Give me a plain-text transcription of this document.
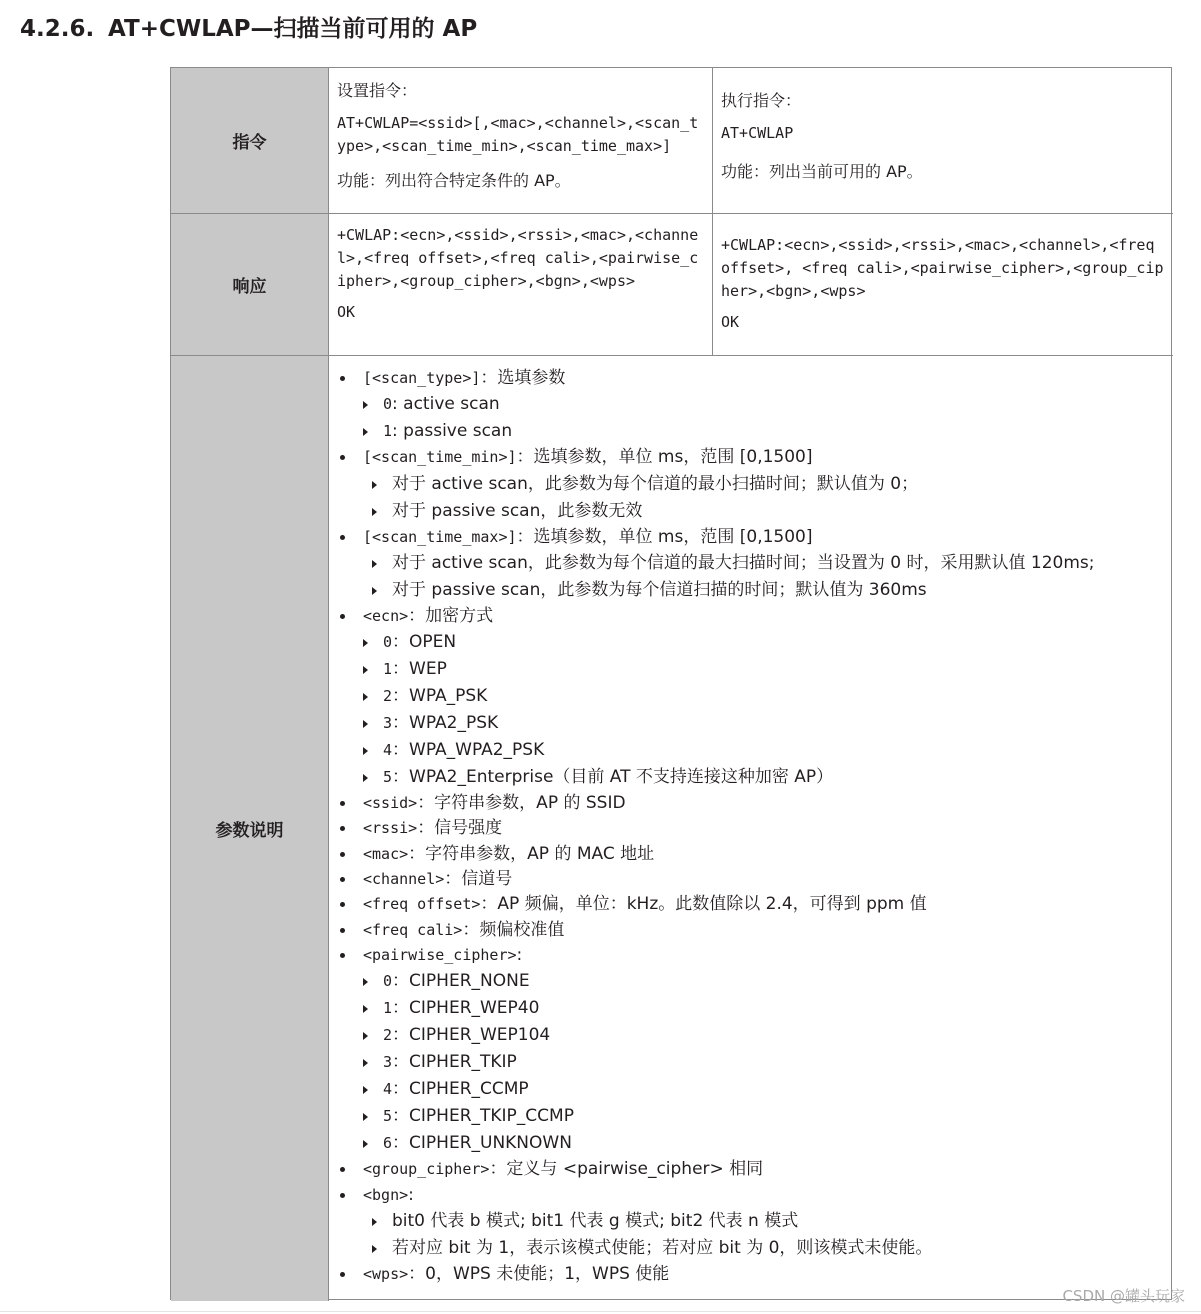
4.2.6. AT+CWLAP—扫描当前可用的 AP
指令
设置指令：
AT+CWLAP=<ssid>[,<mac>,<channel>,<scan_type>,<scan_time_min>,<scan_time_max>]
功能：列出符合特定条件的 AP。
执行指令：
AT+CWLAP
功能：列出当前可用的 AP。
响应
+CWLAP:<ecn>,<ssid>,<rssi>,<mac>,<channel>,<freq offset>,<freq cali>,<pairwise_cipher>,<group_cipher>,<bgn>,<wps>
OK
+CWLAP:<ecn>,<ssid>,<rssi>,<mac>,<channel>,<freq offset>, <freq cali>,<pairwise_cipher>,<group_cipher>,<bgn>,<wps>
OK
参数说明
[<scan_type>]：选填参数
0: active scan
1: passive scan
[<scan_time_min>]：选填参数，单位 ms，范围 [0,1500]
对于 active scan，此参数为每个信道的最小扫描时间；默认值为 0；
对于 passive scan，此参数无效
[<scan_time_max>]：选填参数，单位 ms，范围 [0,1500]
对于 active scan，此参数为每个信道的最大扫描时间；当设置为 0 时，采用默认值 120ms;
对于 passive scan，此参数为每个信道扫描的时间；默认值为 360ms
<ecn>：加密方式
0：OPEN
1：WEP
2：WPA_PSK
3：WPA2_PSK
4：WPA_WPA2_PSK
5：WPA2_Enterprise（目前 AT 不支持连接这种加密 AP）
<ssid>：字符串参数，AP 的 SSID
<rssi>：信号强度
<mac>：字符串参数，AP 的 MAC 地址
<channel>：信道号
<freq offset>：AP 频偏，单位：kHz。此数值除以 2.4，可得到 ppm 值
<freq cali>：频偏校准值
<pairwise_cipher>:
0：CIPHER_NONE
1：CIPHER_WEP40
2：CIPHER_WEP104
3：CIPHER_TKIP
4：CIPHER_CCMP
5：CIPHER_TKIP_CCMP
6：CIPHER_UNKNOWN
<group_cipher>：定义与 <pairwise_cipher> 相同
<bgn>:
bit0 代表 b 模式; bit1 代表 g 模式; bit2 代表 n 模式
若对应 bit 为 1，表示该模式使能；若对应 bit 为 0，则该模式未使能。
<wps>：0，WPS 未使能；1，WPS 使能
CSDN @罐头玩家
